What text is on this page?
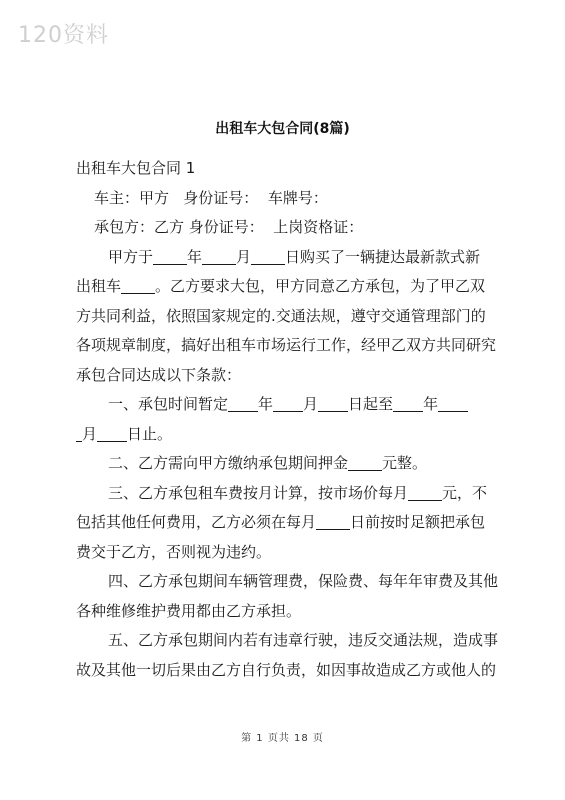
120资料
出租车大包合同(8篇)
出租车大包合同 1
车主：甲方   身份证号：  车牌号：
承包方：乙方 身份证号：  上岗资格证：
甲方于 年 月 日购买了一辆捷达最新款式新
出租车 。乙方要求大包，甲方同意乙方承包，为了甲乙双
方共同利益，依照国家规定的.交通法规，遵守交通管理部门的
各项规章制度，搞好出租车市场运行工作，经甲乙双方共同研究
承包合同达成以下条款：
一、承包时间暂定 年 月 日起至 年
月 日止。
二、乙方需向甲方缴纳承包期间押金 元整。
三、乙方承包租车费按月计算，按市场价每月 元，不
包括其他任何费用，乙方必须在每月 日前按时足额把承包
费交于乙方，否则视为违约。
四、乙方承包期间车辆管理费，保险费、每年年审费及其他
各种维修维护费用都由乙方承担。
五、乙方承包期间内若有违章行驶，违反交通法规，造成事
故及其他一切后果由乙方自行负责，如因事故造成乙方或他人的
第 1 页共 18 页
